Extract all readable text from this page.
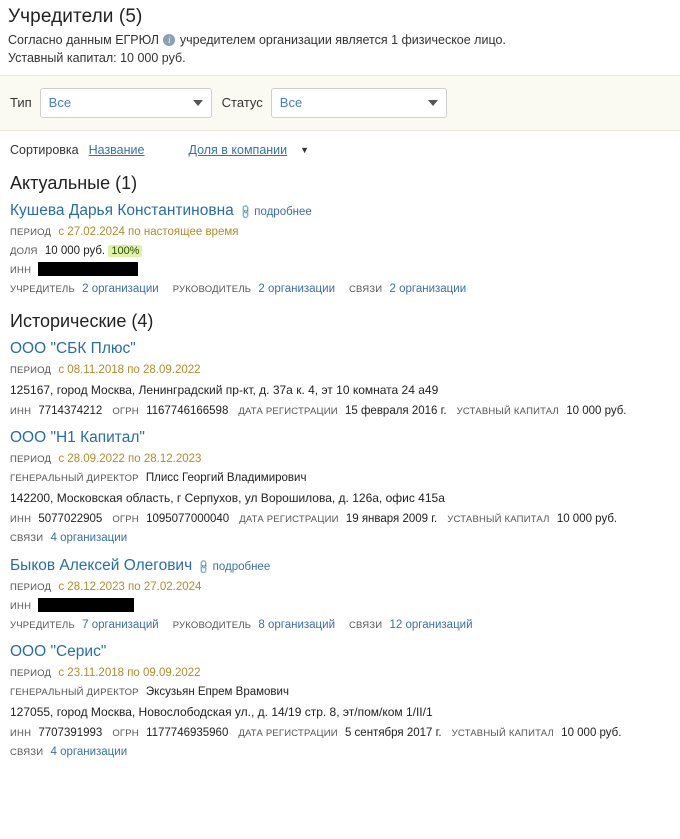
Учредители (5)

Согласно данным ЕГРЮЛ i учредителем организации является 1 физическое лицо.

Уставный капитал: 10 000 руб.

Тип Все	Статус Все
Сортировка Название	Доля в компании ▼
Актуальные (1)
Кушева Дарья Константиновна 🔗подробнее
ПЕРИОД с 27.02.2024 по настоящее время
ДОЛЯ 10 000 руб. 100%
ИНН
УЧРЕДИТЕЛЬ 2 организации РУКОВОДИТЕЛЬ 2 организации СВЯЗИ 2 организации
Исторические (4)
ООО "СБК Плюс"
ПЕРИОД с 08.11.2018 по 28.09.2022
125167, город Москва, Ленинградский пр-кт, д. 37а к. 4, эт 10 комната 24 а49
ИНН 7714374212 ОГРН 1167746166598 ДАТА РЕГИСТРАЦИИ 15 февраля 2016 г. УСТАВНЫЙ КАПИТАЛ 10 000 руб.
ООО "Н1 Капитал"
ПЕРИОД с 28.09.2022 по 28.12.2023
ГЕНЕРАЛЬНЫЙ ДИРЕКТОР Плисс Георгий Владимирович
142200, Московская область, г Серпухов, ул Ворошилова, д. 126а, офис 415а
ИНН 5077022905 ОГРН 1095077000040 ДАТА РЕГИСТРАЦИИ 19 января 2009 г. УСТАВНЫЙ КАПИТАЛ 10 000 руб.
СВЯЗИ 4 организации
Быков Алексей Олегович 🔗подробнее
ПЕРИОД с 28.12.2023 по 27.02.2024
ИНН
УЧРЕДИТЕЛЬ 7 организаций РУКОВОДИТЕЛЬ 8 организаций СВЯЗИ 12 организаций
ООО "Серис"
ПЕРИОД с 23.11.2018 по 09.09.2022
ГЕНЕРАЛЬНЫЙ ДИРЕКТОР Эксузьян Епрем Врамович
127055, город Москва, Новослободская ул., д. 14/19 стр. 8, эт/пом/ком 1/II/1
ИНН 7707391993 ОГРН 1177746935960 ДАТА РЕГИСТРАЦИИ 5 сентября 2017 г. УСТАВНЫЙ КАПИТАЛ 10 000 руб.
СВЯЗИ 4 организации
